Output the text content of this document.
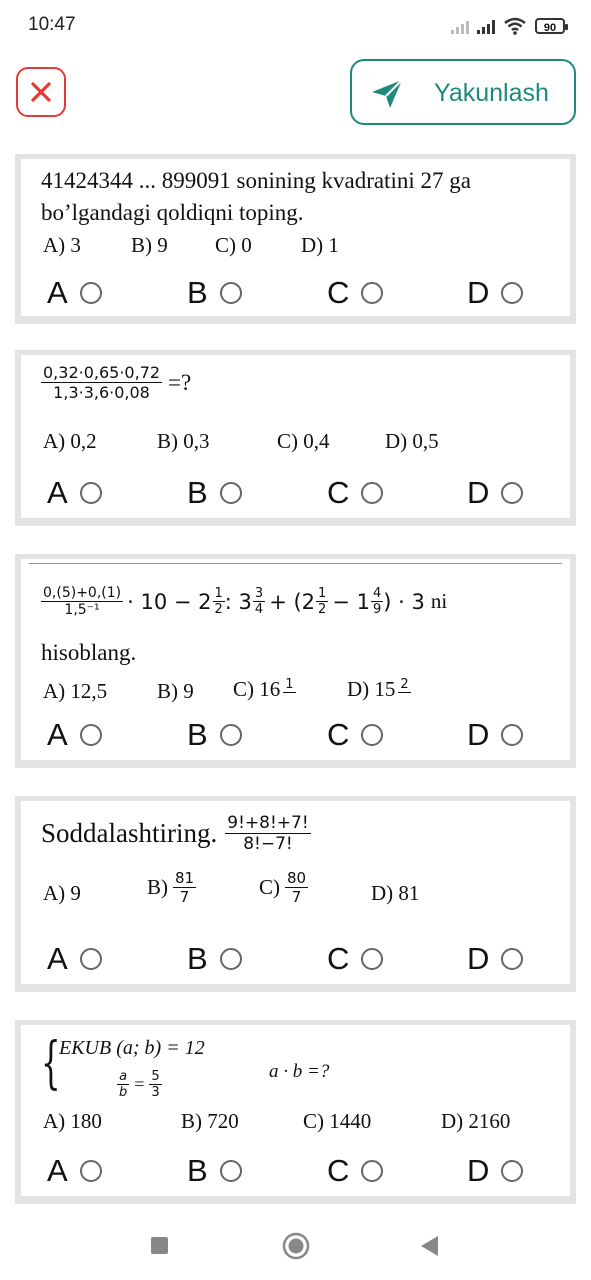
10:47	90
Yakunlash
41424344 ... 899091 sonining kvadratini 27 ga
bo’lgandagi qoldiqni toping.
A) 3 B) 9 C) 0 D) 1
A	B	C	D
$\frac{0,32\cdot 0,65\cdot 0,72}{1,3\cdot 3,6\cdot 0,08}$ =?
A) 0,2	B) 0,3	C) 0,4	D) 0,5
A	B	C	D
$\frac{0,(5)+0,(1)}{\text{1,5⁻¹}} \cdot 10 - 2 \frac{1}{2}$ : $3 \frac{3}{4} + (2 \frac{1}{2} - 1 \frac{4}{9}$ ) · 3 ni
hisoblang.
A) 12,5 B) 9 C) 16 1	D) 15 2
A	B	C	D
Soddalashtiring. $\frac{9!+8!+7!}{8!-7!}$
A) 9	$B) \frac{81}{7}$	$C) \frac{80}{7}$	D) 81
A	B	C	D
{
EKUB (a; b) = 12
$\frac{a}{b} = \frac{5}{3}$	a · b =?
A) 180	B) 720	C) 1440	D) 2160
A	B	C	D
